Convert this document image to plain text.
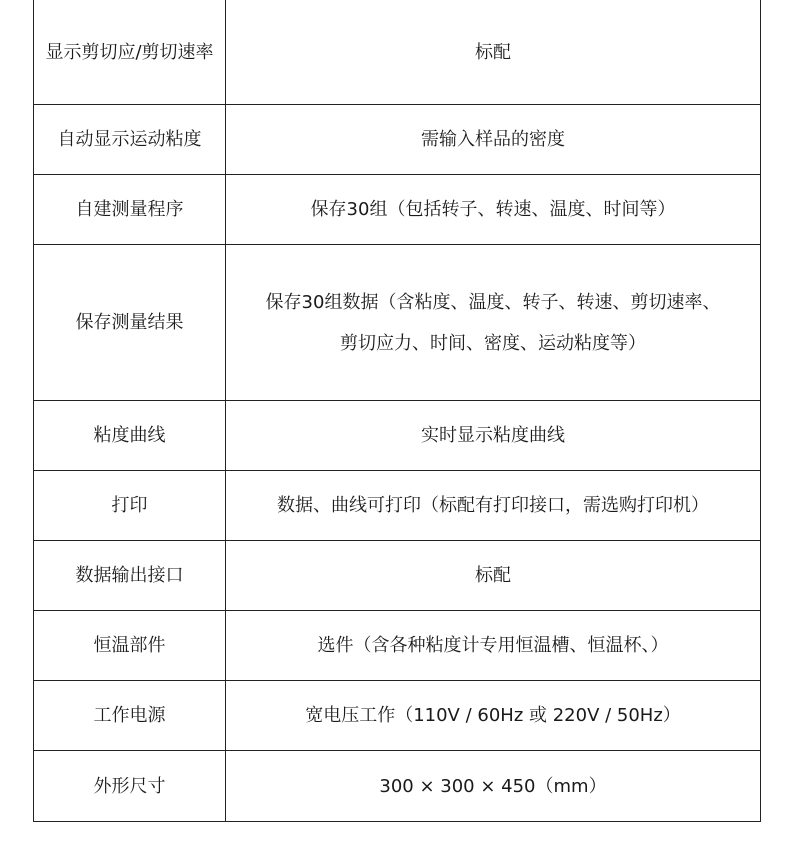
显示剪切应/剪切速率	标配
自动显示运动粘度	需输入样品的密度
自建测量程序	保存30组（包括转子、转速、温度、时间等）
保存测量结果	保存30组数据（含粘度、温度、转子、转速、剪切速率、
剪切应力、时间、密度、运动粘度等）

粘度曲线	实时显示粘度曲线
打印	数据、曲线可打印（标配有打印接口，需选购打印机）
数据输出接口	标配
恒温部件	选件（含各种粘度计专用恒温槽、恒温杯、）
工作电源	宽电压工作（110V / 60Hz 或 220V / 50Hz）
外形尺寸	300 × 300 × 450（mm）
